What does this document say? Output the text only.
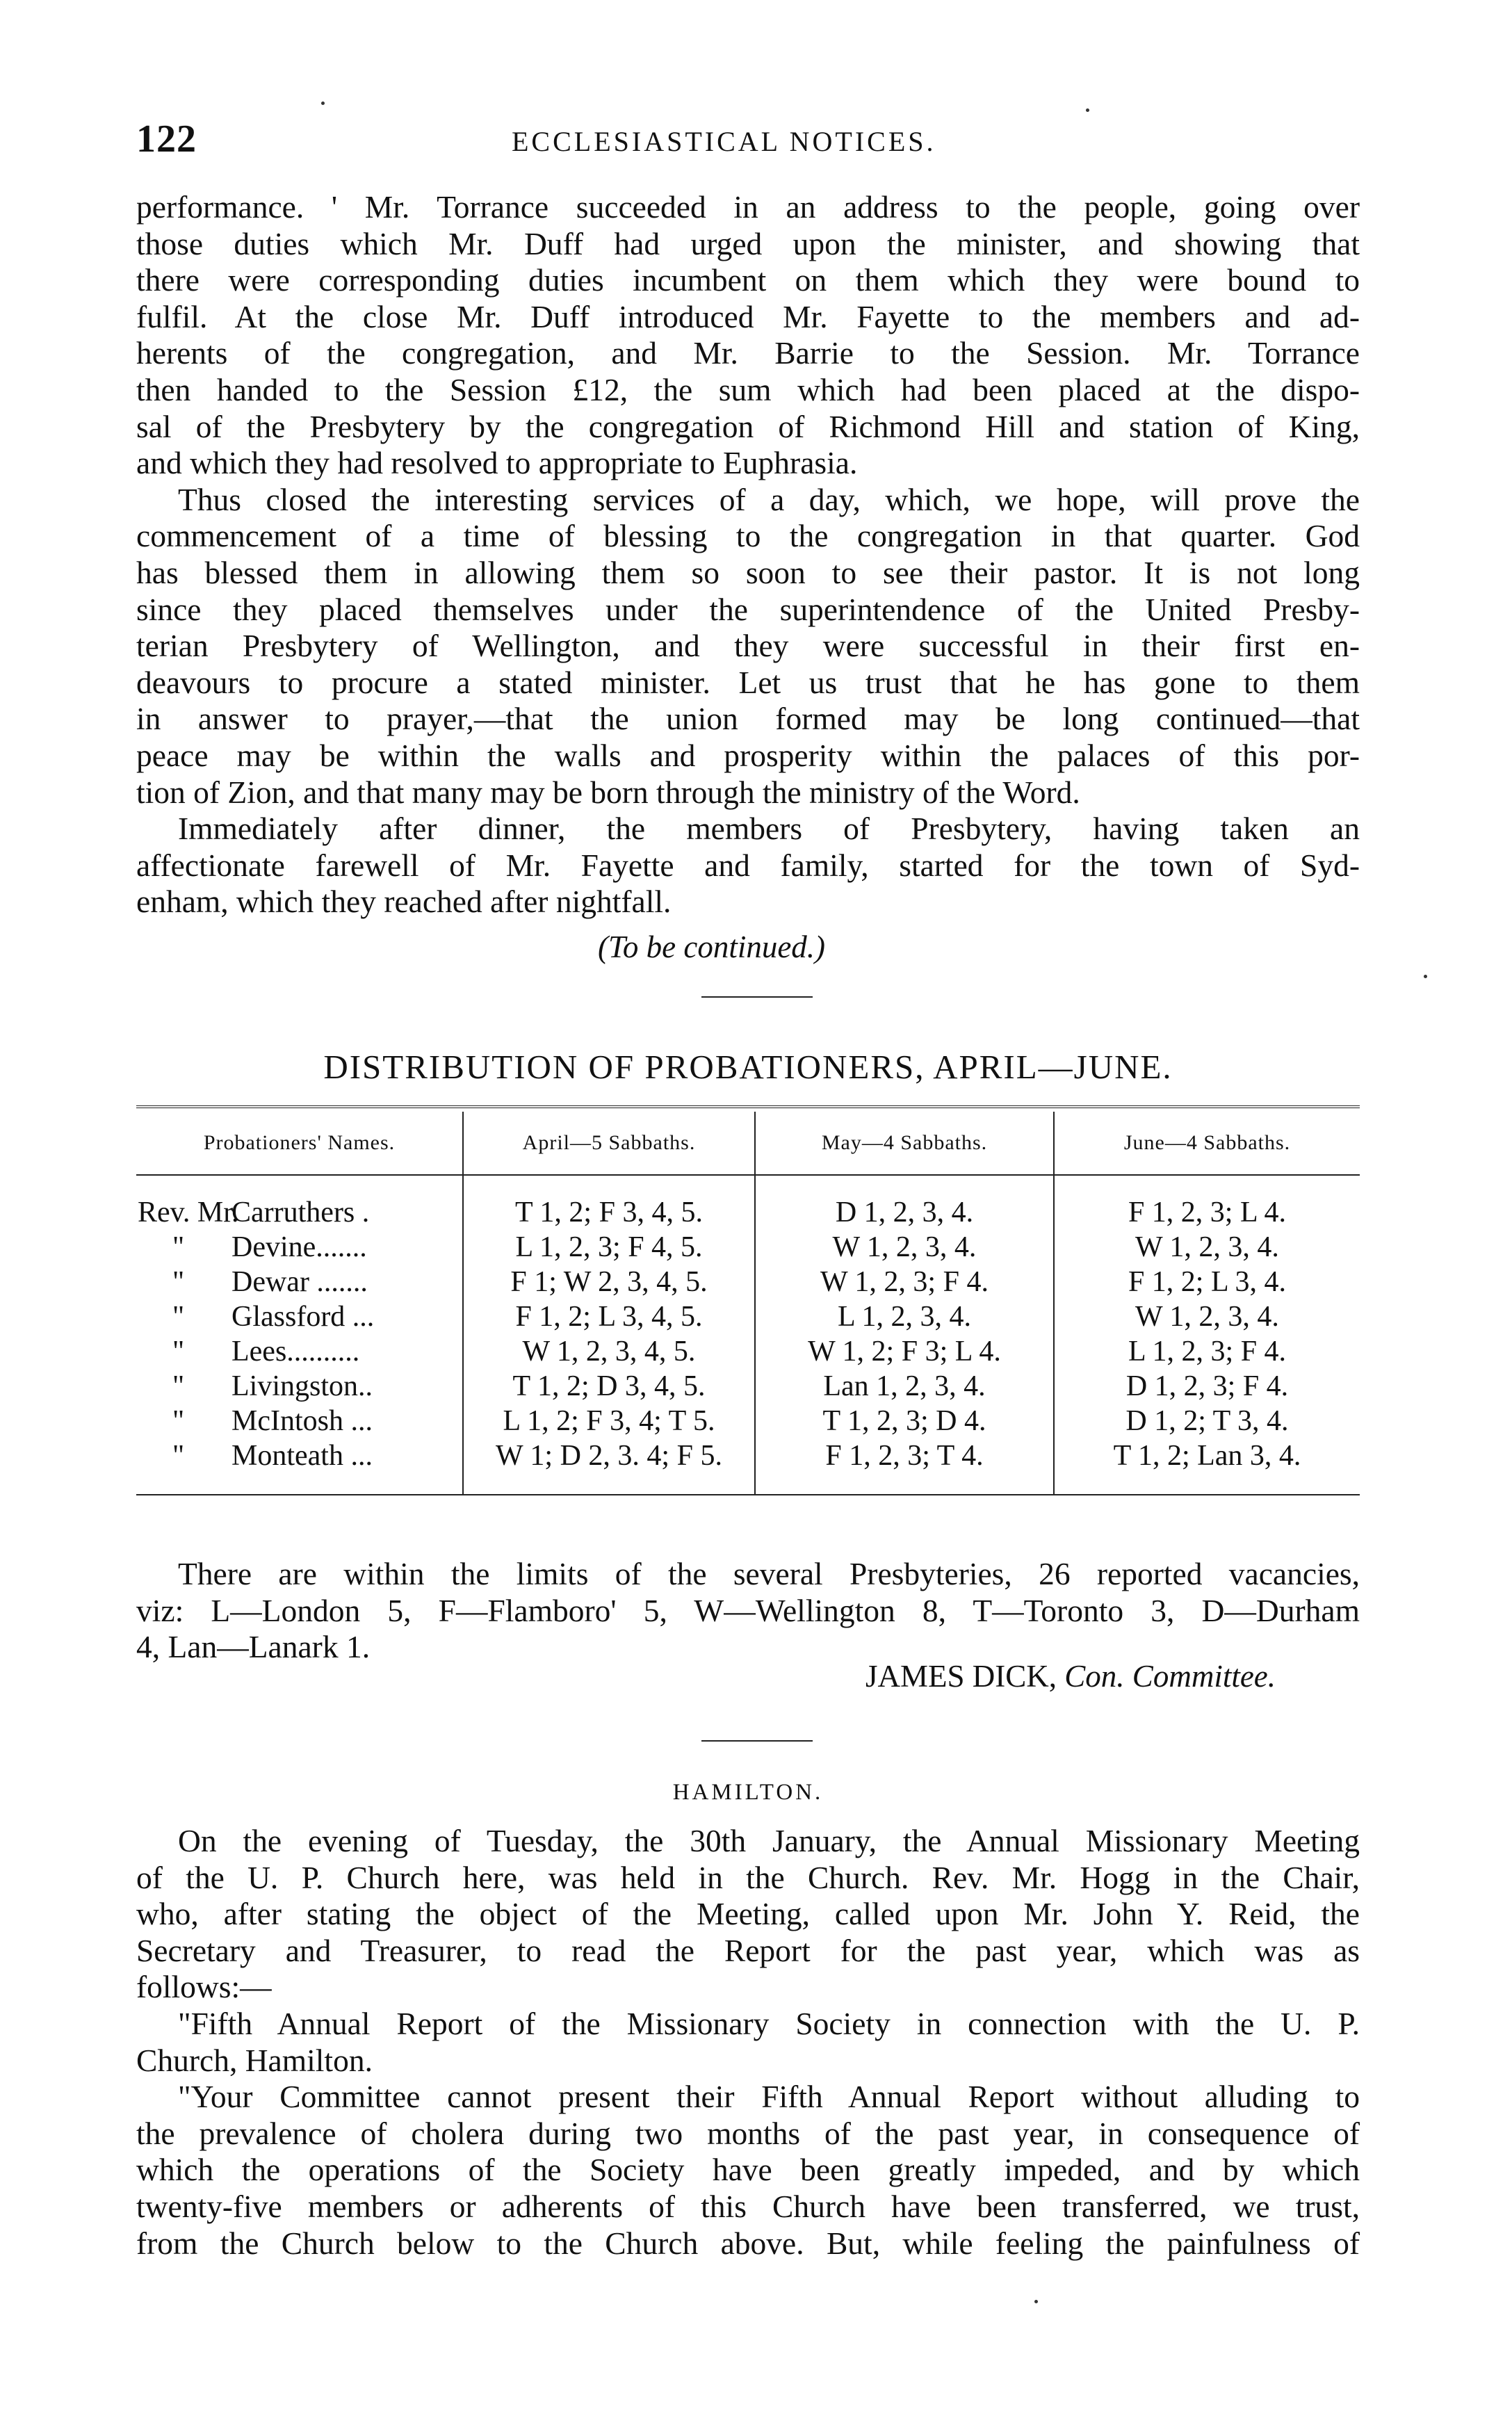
122	ECCLESIASTICAL NOTICES.
performance. ' Mr. Torrance succeeded in an address to the people, going over
those duties which Mr. Duff had urged upon the minister, and showing that
there were corresponding duties incumbent on them which they were bound to
fulfil. At the close Mr. Duff introduced Mr. Fayette to the members and ad-
herents of the congregation, and Mr. Barrie to the Session. Mr. Torrance
then handed to the Session £12, the sum which had been placed at the dispo-
sal of the Presbytery by the congregation of Richmond Hill and station of King,
and which they had resolved to appropriate to Euphrasia.
Thus closed the interesting services of a day, which, we hope, will prove the
commencement of a time of blessing to the congregation in that quarter. God
has blessed them in allowing them so soon to see their pastor. It is not long
since they placed themselves under the superintendence of the United Presby-
terian Presbytery of Wellington, and they were successful in their first en-
deavours to procure a stated minister. Let us trust that he has gone to them
in answer to prayer,—that the union formed may be long continued—that
peace may be within the walls and prosperity within the palaces of this por-
tion of Zion, and that many may be born through the ministry of the Word.
Immediately after dinner, the members of Presbytery, having taken an
affectionate farewell of Mr. Fayette and family, started for the town of Syd-
enham, which they reached after nightfall.
(To be continued.)
DISTRIBUTION OF PROBATIONERS, APRIL—JUNE.
Probationers' Names.	April—5 Sabbaths.	May—4 Sabbaths.	June—4 Sabbaths.
Rev. Mr.Carruthers .	T 1, 2; F 3, 4, 5.	D 1, 2, 3, 4.	F 1, 2, 3; L 4.
" Devine.......	L 1, 2, 3; F 4, 5.	W 1, 2, 3, 4.	W 1, 2, 3, 4.
" Dewar .......	F 1; W 2, 3, 4, 5.	W 1, 2, 3; F 4.	F 1, 2; L 3, 4.
" Glassford ...	F 1, 2; L 3, 4, 5.	L 1, 2, 3, 4.	W 1, 2, 3, 4.
" Lees..........	W 1, 2, 3, 4, 5.	W 1, 2; F 3; L 4.	L 1, 2, 3; F 4.
" Livingston..	T 1, 2; D 3, 4, 5.	Lan 1, 2, 3, 4.	D 1, 2, 3; F 4.
" McIntosh ...	L 1, 2; F 3, 4; T 5.	T 1, 2, 3; D 4.	D 1, 2; T 3, 4.
" Monteath ...	W 1; D 2, 3. 4; F 5.	F 1, 2, 3; T 4.	T 1, 2; Lan 3, 4.
There are within the limits of the several Presbyteries, 26 reported vacancies,
viz: L—London 5, F—Flamboro' 5, W—Wellington 8, T—Toronto 3, D—Durham
4, Lan—Lanark 1.
JAMES DICK, Con. Committee.
HAMILTON.
On the evening of Tuesday, the 30th January, the Annual Missionary Meeting
of the U. P. Church here, was held in the Church. Rev. Mr. Hogg in the Chair,
who, after stating the object of the Meeting, called upon Mr. John Y. Reid, the
Secretary and Treasurer, to read the Report for the past year, which was as
follows:—
"Fifth Annual Report of the Missionary Society in connection with the U. P.
Church, Hamilton.
"Your Committee cannot present their Fifth Annual Report without alluding to
the prevalence of cholera during two months of the past year, in consequence of
which the operations of the Society have been greatly impeded, and by which
twenty-five members or adherents of this Church have been transferred, we trust,
from the Church below to the Church above. But, while feeling the painfulness of
